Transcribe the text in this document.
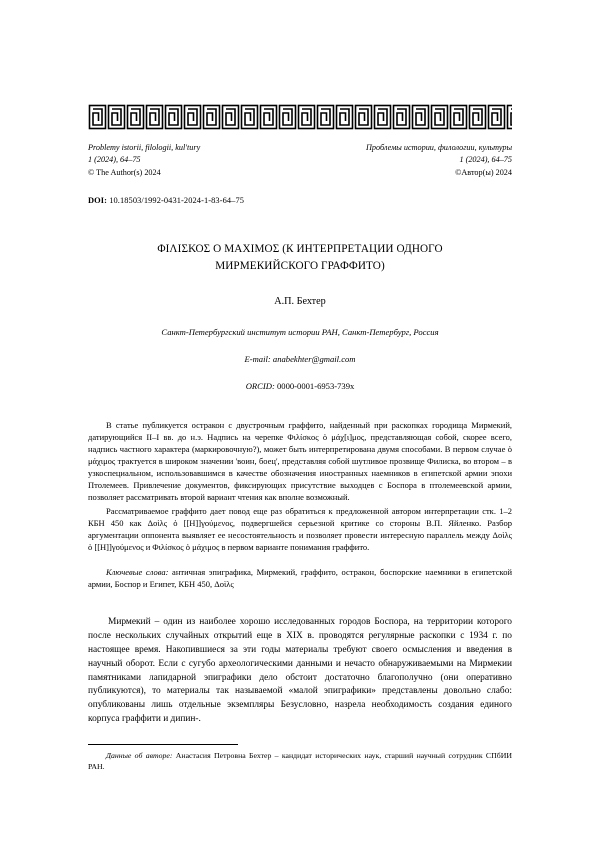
Problemy istorii, filologii, kul'tury
1 (2024), 64–75
© The Author(s) 2024
Проблемы истории, филологии, культуры
1 (2024), 64–75
©Автор(ы) 2024
DOI: 10.18503/1992-0431-2024-1-83-64–75
ΦΙΛΙΣΚΟΣ Ο ΜΑΧΙΜΟΣ (К ИНТЕРПРЕТАЦИИ ОДНОГО
МИРМЕКИЙСКОГО ГРАФФИТО)
А.П. Бехтер
Санкт-Петербургский институт истории РАН, Санкт-Петербург, Россия
E-mail: anabekhter@gmail.com
ORCID: 0000-0001-6953-739x

В статье публикуется остракон с двустрочным граффито, найденный при раскопках городища Мирмекий, датирующийся II–I вв. до н.э. Надпись на черепке Φιλίσκος ὁ μάχ[ι]μος, представляющая собой, скорее всего, надпись частного характера (маркировочную?), может быть интерпретирована двумя способами. В первом случае ὁ μάχιμος трактуется в широком значении 'воин, боец', представляя собой шутливое прозвище Филиска, во втором – в узкоспециальном, использовавшимся в качестве обозначения иностранных наемников в египетской армии эпохи Птолемеев. Привлечение документов, фиксирующих присутствие выходцев с Боспора в птолемеевской армии, позволяет рассматривать второй вариант чтения как вполне возможный.

Рассматриваемое граффито дает повод еще раз обратиться к предложенной автором интерпретации стк. 1–2 КБН 450 как Δοὶλς ὁ [[Η]]γούμενος, подвергшейся серьезной критике со стороны В.П. Яйленко. Разбор аргументации оппонента выявляет ее несостоятельность и позволяет провести интересную параллель между Δοὶλς ὁ [[Η]]γούμενος и Φιλίσκος ὁ μάχιμος в первом варианте понимания граффито.

Ключевые слова: античная эпиграфика, Мирмекий, граффито, остракон, боспорские наемники в египетской армии, Боспор и Египет, КБН 450, Δοὶλς

Мирмекий – один из наиболее хорошо исследованных городов Боспора, на территории которого после нескольких случайных открытий еще в XIX в. проводятся регулярные раскопки с 1934 г. по настоящее время. Накопившиеся за эти годы материалы требуют своего осмысления и введения в научный оборот. Если с сугубо археологическими данными и нечасто обнаруживаемыми на Мирмекии памятниками лапидарной эпиграфики дело обстоит достаточно благополучно (они оперативно публикуются), то материалы так называемой «малой эпиграфики» представлены довольно слабо: опубликованы лишь отдельные экземпляры Безусловно, назрела необходимость создания единого корпуса граффити и дипин-.

Данные об авторе: Анастасия Петровна Бехтер – кандидат исторических наук, старший научный сотрудник СПбИИ РАН.
